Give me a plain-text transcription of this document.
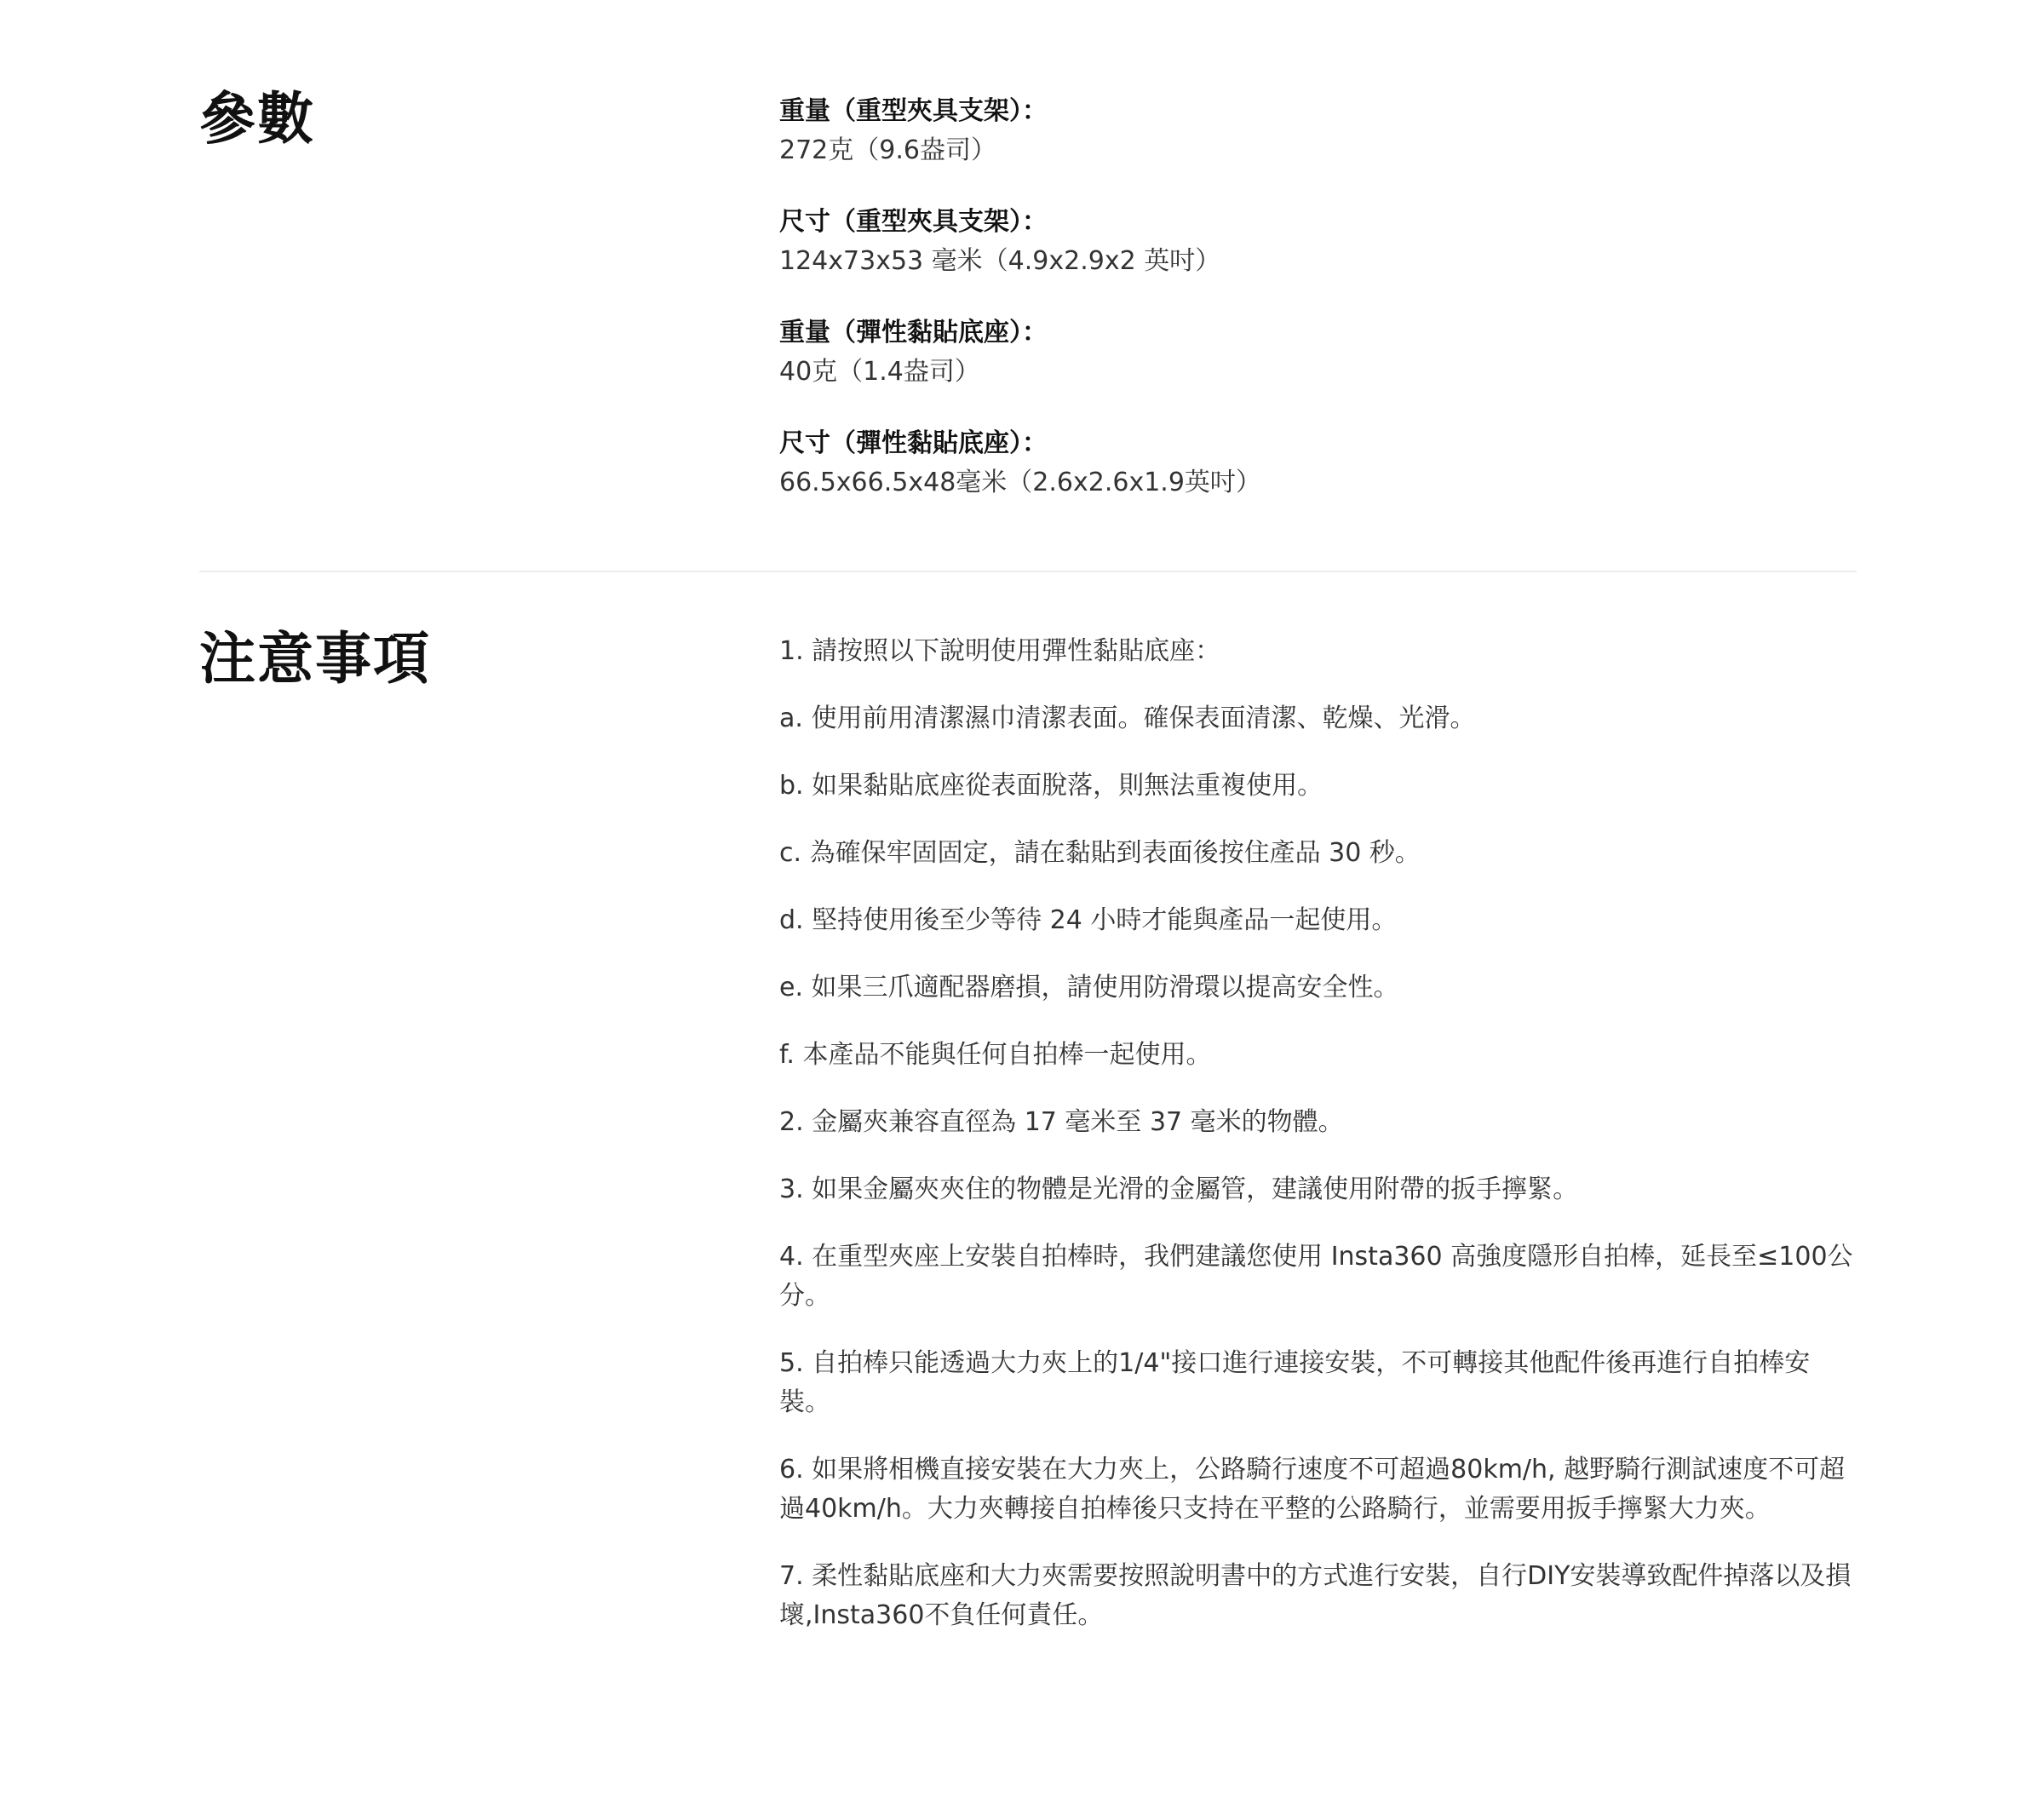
參數	重量（重型夾具支架）：
272克（9.6盎司）
尺寸（重型夾具支架）：
124x73x53 毫米（4.9x2.9x2 英吋）
重量（彈性黏貼底座）：
40克（1.4盎司）
尺寸（彈性黏貼底座）：
66.5x66.5x48毫米（2.6x2.6x1.9英吋）
注意事項	1. 請按照以下說明使用彈性黏貼底座：

a. 使用前用清潔濕巾清潔表面。確保表面清潔、乾燥、光滑。

b. 如果黏貼底座從表面脫落，則無法重複使用。

c. 為確保牢固固定，請在黏貼到表面後按住產品 30 秒。

d. 堅持使用後至少等待 24 小時才能與產品一起使用。

e. 如果三爪適配器磨損，請使用防滑環以提高安全性。

f. 本產品不能與任何自拍棒一起使用。

2. 金屬夾兼容直徑為 17 毫米至 37 毫米的物體。

3. 如果金屬夾夾住的物體是光滑的金屬管，建議使用附帶的扳手擰緊。

4. 在重型夾座上安裝自拍棒時，我們建議您使用 Insta360 高強度隱形自拍棒，延長至≤100公分。

5. 自拍棒只能透過大力夾上的1/4"接口進行連接安裝，不可轉接其他配件後再進行自拍棒安裝。

6. 如果將相機直接安裝在大力夾上，公路騎行速度不可超過80km/h, 越野騎行測試速度不可超過40km/h。大力夾轉接自拍棒後只支持在平整的公路騎行，並需要用扳手擰緊大力夾。

7. 柔性黏貼底座和大力夾需要按照說明書中的方式進行安裝，自行DIY安裝導致配件掉落以及損壞,Insta360不負任何責任。
